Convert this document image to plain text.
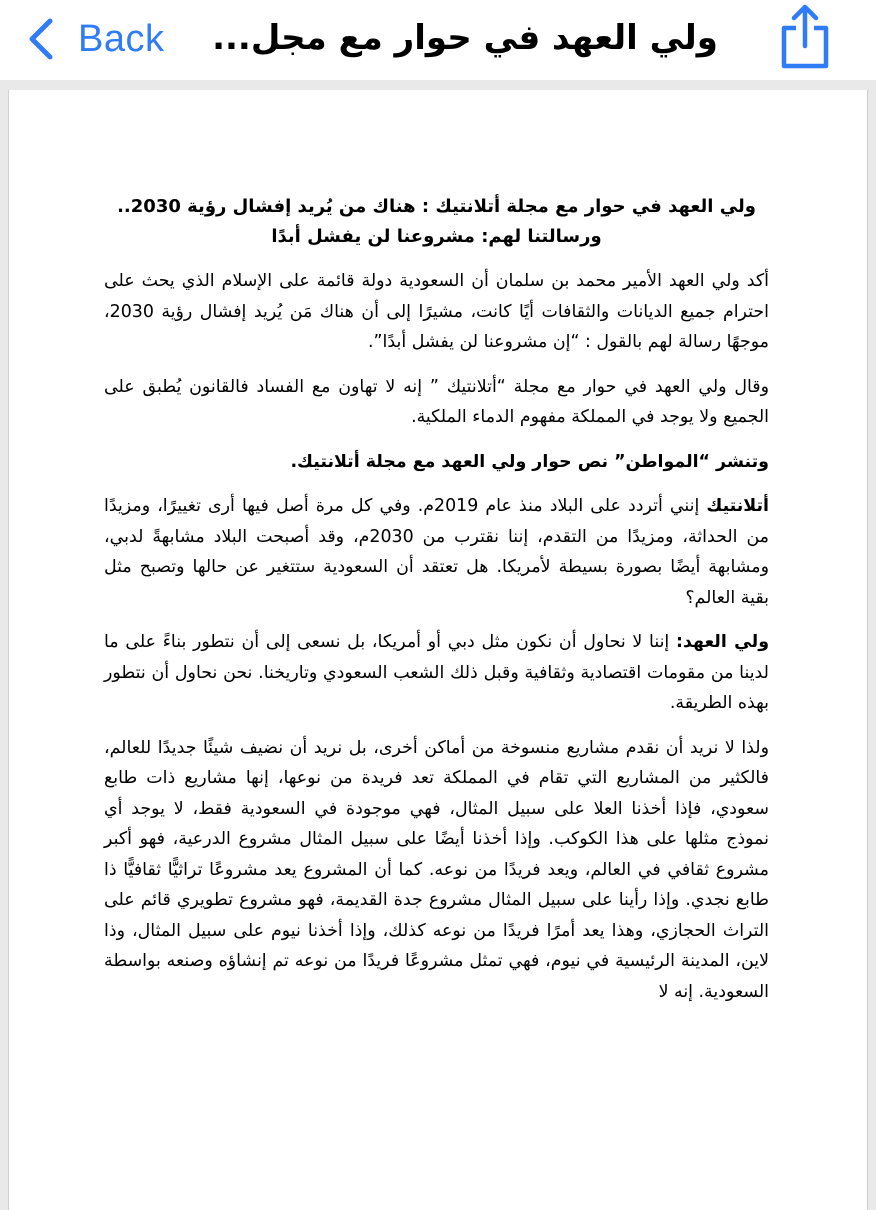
Back	ولي العهد في حوار مع مجل...
ولي العهد في حوار مع مجلة أتلانتيك : هناك من يُريد إفشال رؤية 2030..
ورسالتنا لهم: مشروعنا لن يفشل أبدًا

أكد ولي العهد الأمير محمد بن سلمان أن السعودية دولة قائمة على الإسلام الذي يحث على احترام جميع الديانات والثقافات أيًا كانت، مشيرًا إلى أن هناك مَن يُريد إفشال رؤية 2030، موجهًا رسالة لهم بالقول : “إن مشروعنا لن يفشل أبدًا”.

وقال ولي العهد في حوار مع مجلة “أتلانتيك ” إنه لا تهاون مع الفساد فالقانون يُطبق على الجميع ولا يوجد في المملكة مفهوم الدماء الملكية.

وتنشر “المواطن” نص حوار ولي العهد مع مجلة أتلانتيك.

أتلانتيك إنني أتردد على البلاد منذ عام 2019م. وفي كل مرة أصل فيها أرى تغييرًا، ومزيدًا من الحداثة، ومزيدًا من التقدم، إننا نقترب من 2030م، وقد أصبحت البلاد مشابهةً لدبي، ومشابهة أيضًا بصورة بسيطة لأمريكا. هل تعتقد أن السعودية ستتغير عن حالها وتصبح مثل بقية العالم؟

ولي العهد: إننا لا نحاول أن نكون مثل دبي أو أمريكا، بل نسعى إلى أن نتطور بناءً على ما لدينا من مقومات اقتصادية وثقافية وقبل ذلك الشعب السعودي وتاريخنا. نحن نحاول أن نتطور بهذه الطريقة.

ولذا لا نريد أن نقدم مشاريع منسوخة من أماكن أخرى، بل نريد أن نضيف شيئًا جديدًا للعالم، فالكثير من المشاريع التي تقام في المملكة تعد فريدة من نوعها، إنها مشاريع ذات طابع سعودي، فإذا أخذنا العلا على سبيل المثال، فهي موجودة في السعودية فقط، لا يوجد أي نموذج مثلها على هذا الكوكب. وإذا أخذنا أيضًا على سبيل المثال مشروع الدرعية، فهو أكبر مشروع ثقافي في العالم، ويعد فريدًا من نوعه. كما أن المشروع يعد مشروعًا تراثيًّا ثقافيًّا ذا طابع نجدي. وإذا رأينا على سبيل المثال مشروع جدة القديمة، فهو مشروع تطويري قائم على التراث الحجازي، وهذا يعد أمرًا فريدًا من نوعه كذلك، وإذا أخذنا نيوم على سبيل المثال، وذا لاين، المدينة الرئيسية في نيوم، فهي تمثل مشروعًا فريدًا من نوعه تم إنشاؤه وصنعه بواسطة السعودية. إنه لا
